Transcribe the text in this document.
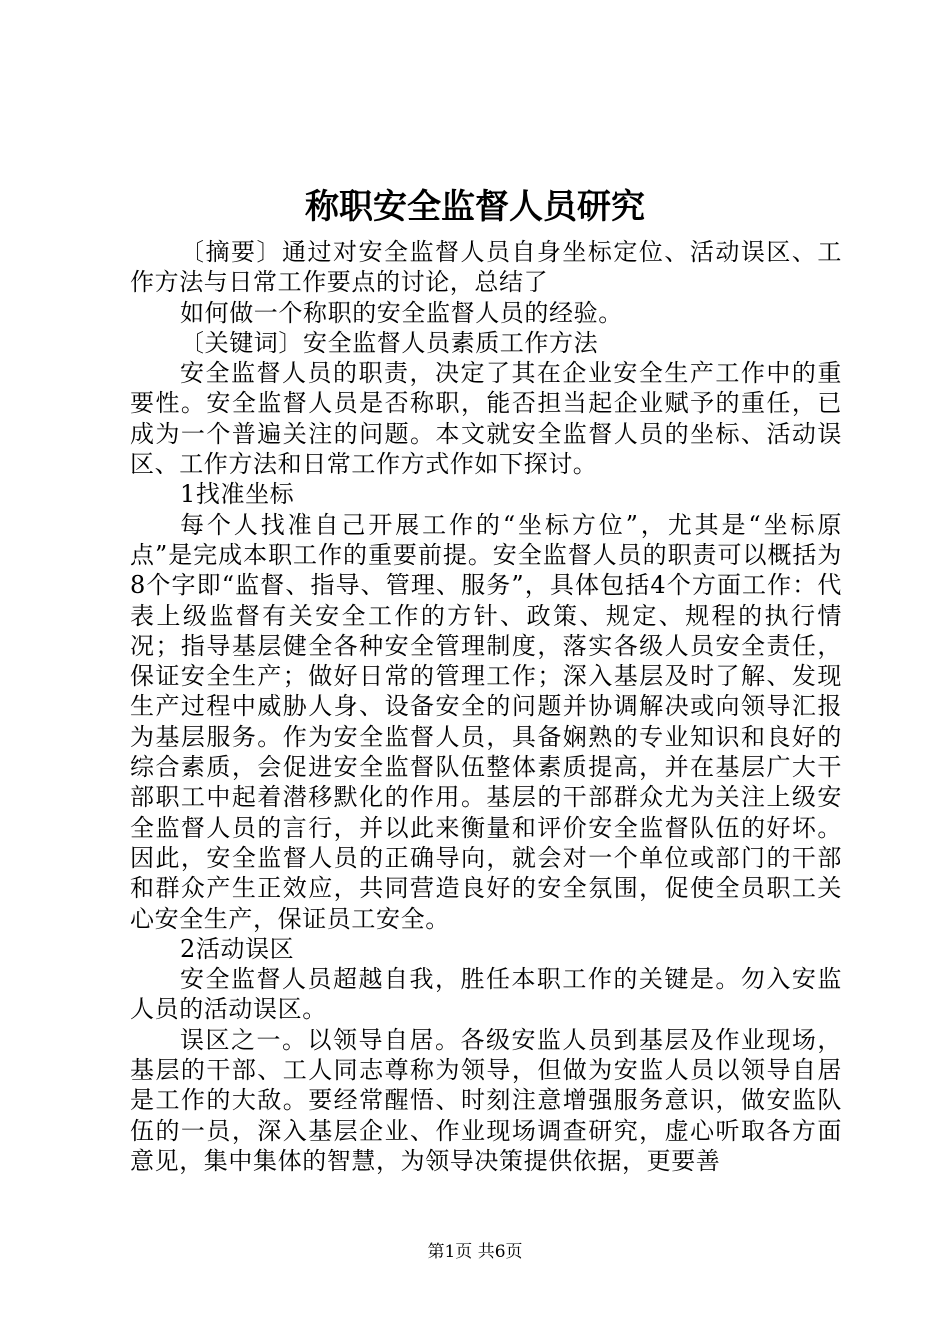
称职安全监督人员研究

〔摘要〕通过对安全监督人员自身坐标定位、活动误区、工作方法与日常工作要点的讨论，总结了

如何做一个称职的安全监督人员的经验。

〔关键词〕安全监督人员素质工作方法

安全监督人员的职责，决定了其在企业安全生产工作中的重要性。安全监督人员是否称职，能否担当起企业赋予的重任，已成为一个普遍关注的问题。本文就安全监督人员的坐标、活动误区、工作方法和日常工作方式作如下探讨。

1找准坐标

每个人找准自己开展工作的“坐标方位”，尤其是“坐标原点”是完成本职工作的重要前提。安全监督人员的职责可以概括为8个字即“监督、指导、管理、服务”，具体包括4个方面工作：代表上级监督有关安全工作的方针、政策、规定、规程的执行情况；指导基层健全各种安全管理制度，落实各级人员安全责任，保证安全生产；做好日常的管理工作；深入基层及时了解、发现生产过程中威胁人身、设备安全的问题并协调解决或向领导汇报为基层服务。作为安全监督人员，具备娴熟的专业知识和良好的综合素质，会促进安全监督队伍整体素质提高，并在基层广大干部职工中起着潜移默化的作用。基层的干部群众尤为关注上级安全监督人员的言行，并以此来衡量和评价安全监督队伍的好坏。因此，安全监督人员的正确导向，就会对一个单位或部门的干部和群众产生正效应，共同营造良好的安全氛围，促使全员职工关心安全生产，保证员工安全。

2活动误区

安全监督人员超越自我，胜任本职工作的关键是。勿入安监人员的活动误区。

误区之一。以领导自居。各级安监人员到基层及作业现场，基层的干部、工人同志尊称为领导，但做为安监人员以领导自居是工作的大敌。要经常醒悟、时刻注意增强服务意识，做安监队伍的一员，深入基层企业、作业现场调查研究，虚心听取各方面意见，集中集体的智慧，为领导决策提供依据，更要善

第1页 共6页
